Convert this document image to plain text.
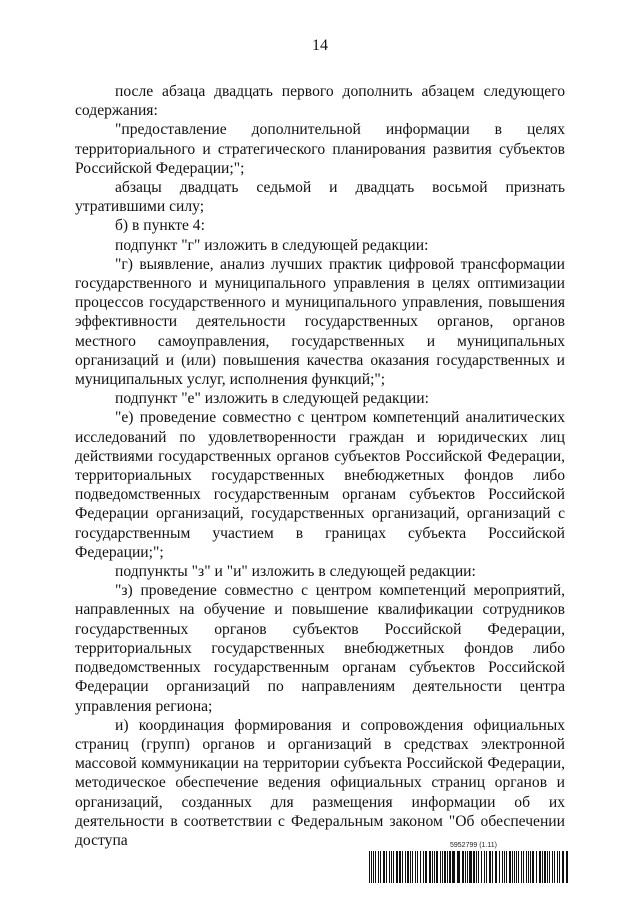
14

после абзаца двадцать первого дополнить абзацем следующего содержания:

"предоставление дополнительной информации в целях территориального и стратегического планирования развития субъектов Российской Федерации;";

абзацы двадцать седьмой и двадцать восьмой признать утратившими силу;

б) в пункте 4:

подпункт "г" изложить в следующей редакции:

"г) выявление, анализ лучших практик цифровой трансформации государственного и муниципального управления в целях оптимизации процессов государственного и муниципального управления, повышения эффективности деятельности государственных органов, органов местного самоуправления, государственных и муниципальных организаций и (или) повышения качества оказания государственных и муниципальных услуг, исполнения функций;";

подпункт "е" изложить в следующей редакции:

"е) проведение совместно с центром компетенций аналитических исследований по удовлетворенности граждан и юридических лиц действиями государственных органов субъектов Российской Федерации, территориальных государственных внебюджетных фондов либо подведомственных государственным органам субъектов Российской Федерации организаций, государственных организаций, организаций с государственным участием в границах субъекта Российской Федерации;";

подпункты "з" и "и" изложить в следующей редакции:

"з) проведение совместно с центром компетенций мероприятий, направленных на обучение и повышение квалификации сотрудников государственных органов субъектов Российской Федерации, территориальных государственных внебюджетных фондов либо подведомственных государственным органам субъектов Российской Федерации организаций по направлениям деятельности центра управления региона;

и) координация формирования и сопровождения официальных страниц (групп) органов и организаций в средствах электронной массовой коммуникации на территории субъекта Российской Федерации, методическое обеспечение ведения официальных страниц органов и организаций, созданных для размещения информации об их деятельности в соответствии с Федеральным законом "Об обеспечении доступа	5952799 (1.11)
